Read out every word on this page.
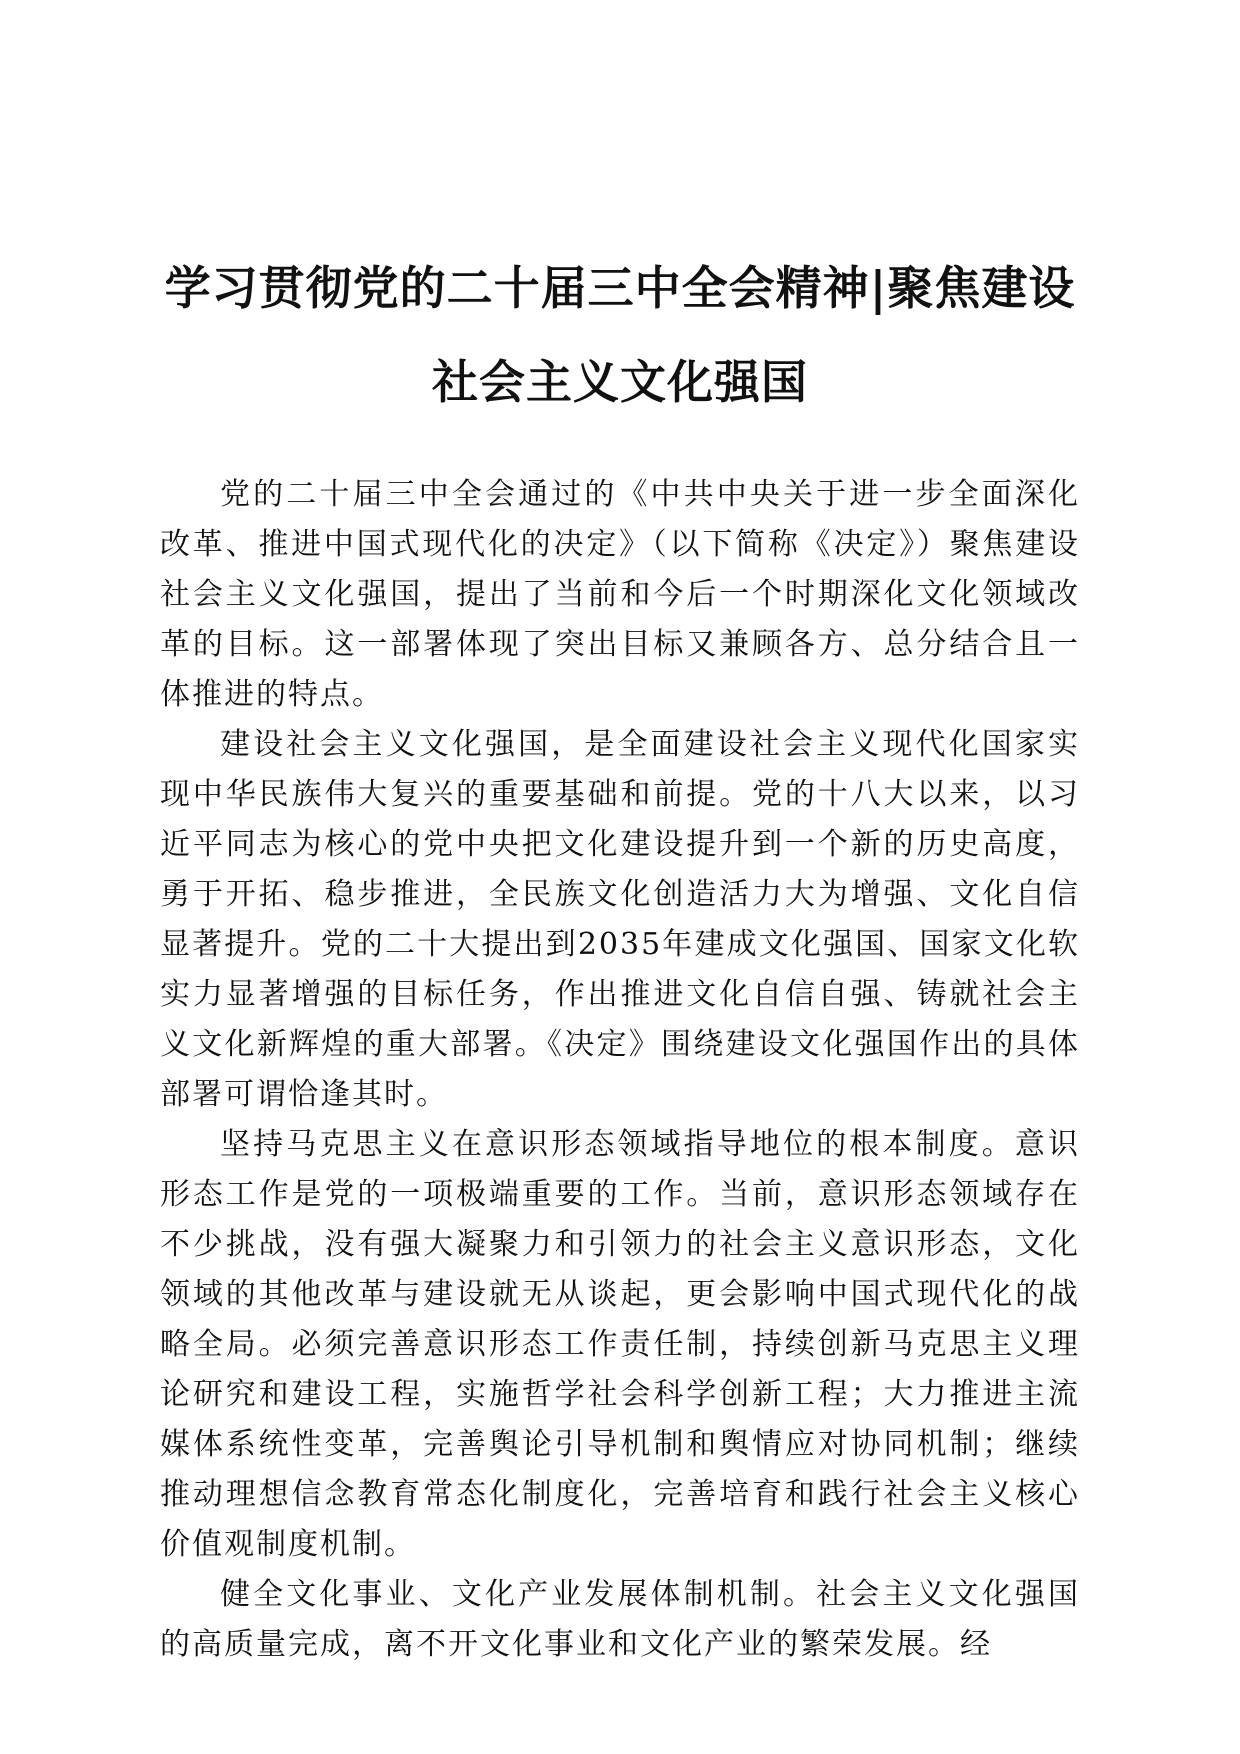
学习贯彻党的二十届三中全会精神|聚焦建设
社会主义文化强国

党的二十届三中全会通过的《中共中央关于进一步全面深化改革、推进中国式现代化的决定》（以下简称《决定》）聚焦建设社会主义文化强国，提出了当前和今后一个时期深化文化领域改革的目标。这一部署体现了突出目标又兼顾各方、总分结合且一体推进的特点。

建设社会主义文化强国，是全面建设社会主义现代化国家实现中华民族伟大复兴的重要基础和前提。党的十八大以来，以习近平同志为核心的党中央把文化建设提升到一个新的历史高度，勇于开拓、稳步推进，全民族文化创造活力大为增强、文化自信显著提升。党的二十大提出到2035年建成文化强国、国家文化软实力显著增强的目标任务，作出推进文化自信自强、铸就社会主义文化新辉煌的重大部署。《决定》围绕建设文化强国作出的具体部署可谓恰逢其时。

坚持马克思主义在意识形态领域指导地位的根本制度。意识形态工作是党的一项极端重要的工作。当前，意识形态领域存在不少挑战，没有强大凝聚力和引领力的社会主义意识形态，文化领域的其他改革与建设就无从谈起，更会影响中国式现代化的战略全局。必须完善意识形态工作责任制，持续创新马克思主义理论研究和建设工程，实施哲学社会科学创新工程；大力推进主流媒体系统性变革，完善舆论引导机制和舆情应对协同机制；继续推动理想信念教育常态化制度化，完善培育和践行社会主义核心价值观制度机制。

健全文化事业、文化产业发展体制机制。社会主义文化强国的高质量完成，离不开文化事业和文化产业的繁荣发展。经
